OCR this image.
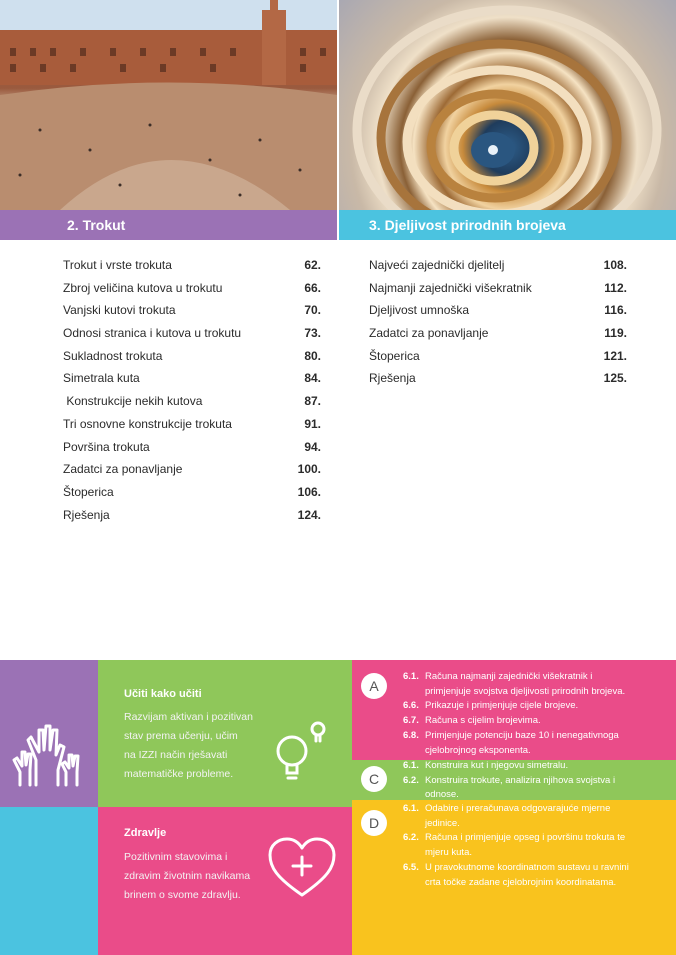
2. Trokut	3. Djeljivost prirodnih brojeva
Trokut i vrste trokuta	62.
Zbroj veličina kutova u trokutu	66.
Vanjski kutovi trokuta	70.
Odnosi stranica i kutova u trokutu	73.
Sukladnost trokuta	80.
Simetrala kuta	84.
Konstrukcije nekih kutova	87.
Tri osnovne konstrukcije trokuta	91.
Površina trokuta	94.
Zadatci za ponavljanje	100.
Štoperica	106.
Rješenja	124.
Najveći zajednički djelitelj	108.
Najmanji zajednički višekratnik	112.
Djeljivost umnoška	116.
Zadatci za ponavljanje	119.
Štoperica	121.
Rješenja	125.
Učiti kako učiti
Razvijam aktivan i pozitivan
stav prema učenju, učim
na IZZI način rješavati
matematičke probleme.
Zdravlje
Pozitivnim stavovima i
zdravim životnim navikama
brinem o svome zdravlju.
A
C
D
6.1. Računa najmanji zajednički višekratnik i
primjenjuje svojstva djeljivosti prirodnih brojeva.
6.6. Prikazuje i primjenjuje cijele brojeve.
6.7. Računa s cijelim brojevima.
6.8. Primjenjuje potenciju baze 10 i nenegativnoga
cjelobrojnog eksponenta.
6.1. Konstruira kut i njegovu simetralu.
6.2. Konstruira trokute, analizira njihova svojstva i
odnose.
6.1. Odabire i preračunava odgovarajuće mjerne
jedinice.
6.2. Računa i primjenjuje opseg i površinu trokuta te
mjeru kuta.
6.5. U pravokutnome koordinatnom sustavu u ravnini
crta točke zadane cjelobrojnim koordinatama.
